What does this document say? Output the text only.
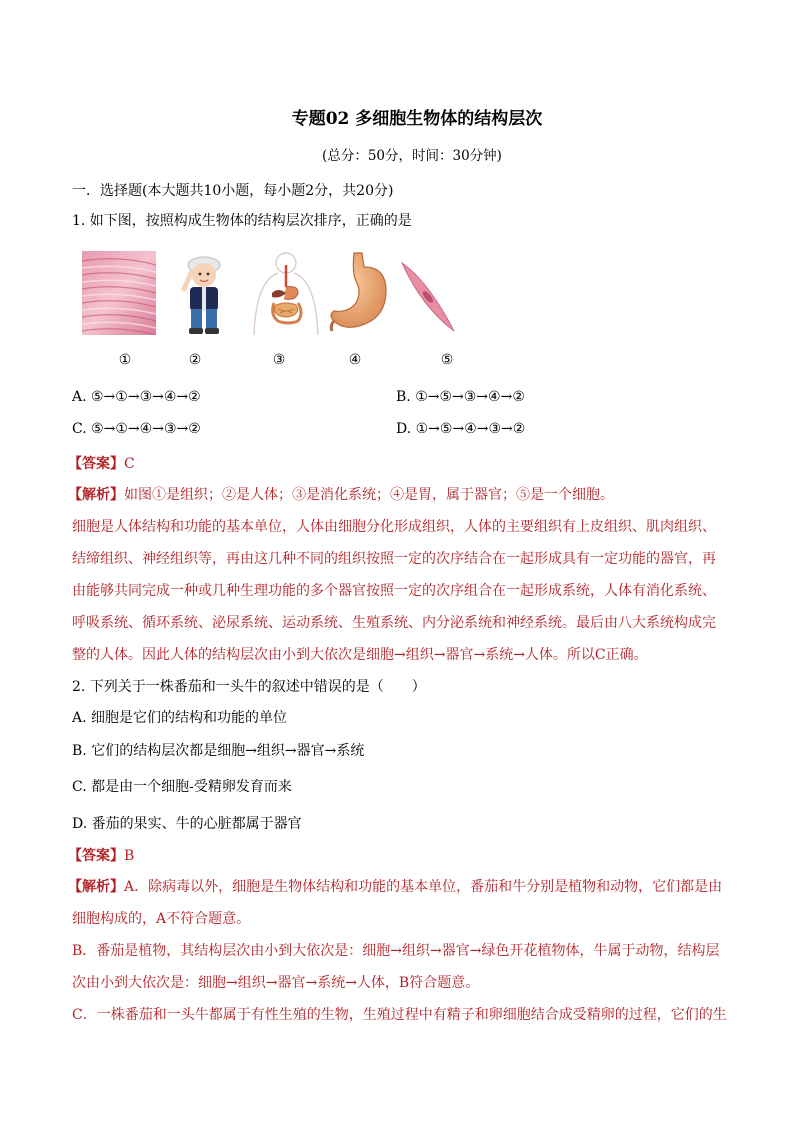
专题02 多细胞生物体的结构层次
(总分：50分，时间：30分钟)
一．选择题(本大题共10小题，每小题2分，共20分)
1. 如下图，按照构成生物体的结构层次排序，正确的是
①	②	③	④	⑤
A. ⑤→①→③→④→②	B. ①→⑤→③→④→②
C. ⑤→①→④→③→②	D. ①→⑤→④→③→②
【答案】C
【解析】如图①是组织；②是人体；③是消化系统；④是胃，属于器官；⑤是一个细胞。
细胞是人体结构和功能的基本单位，人体由细胞分化形成组织，人体的主要组织有上皮组织、肌肉组织、
结缔组织、神经组织等，再由这几种不同的组织按照一定的次序结合在一起形成具有一定功能的器官，再
由能够共同完成一种或几种生理功能的多个器官按照一定的次序组合在一起形成系统，人体有消化系统、
呼吸系统、循环系统、泌尿系统、运动系统、生殖系统、内分泌系统和神经系统。最后由八大系统构成完
整的人体。因此人体的结构层次由小到大依次是细胞→组织→器官→系统→人体。所以C正确。
2. 下列关于一株番茄和一头牛的叙述中错误的是（　　）
A. 细胞是它们的结构和功能的单位
B. 它们的结构层次都是细胞→组织→器官→系统
C. 都是由一个细胞-受精卵发育而来
D. 番茄的果实、牛的心脏都属于器官
【答案】B
【解析】A．除病毒以外，细胞是生物体结构和功能的基本单位，番茄和牛分别是植物和动物，它们都是由
细胞构成的，A不符合题意。
B．番茄是植物，其结构层次由小到大依次是：细胞→组织→器官→绿色开花植物体，牛属于动物，结构层
次由小到大依次是：细胞→组织→器官→系统→人体，B符合题意。
C．一株番茄和一头牛都属于有性生殖的生物，生殖过程中有精子和卵细胞结合成受精卵的过程，它们的生
